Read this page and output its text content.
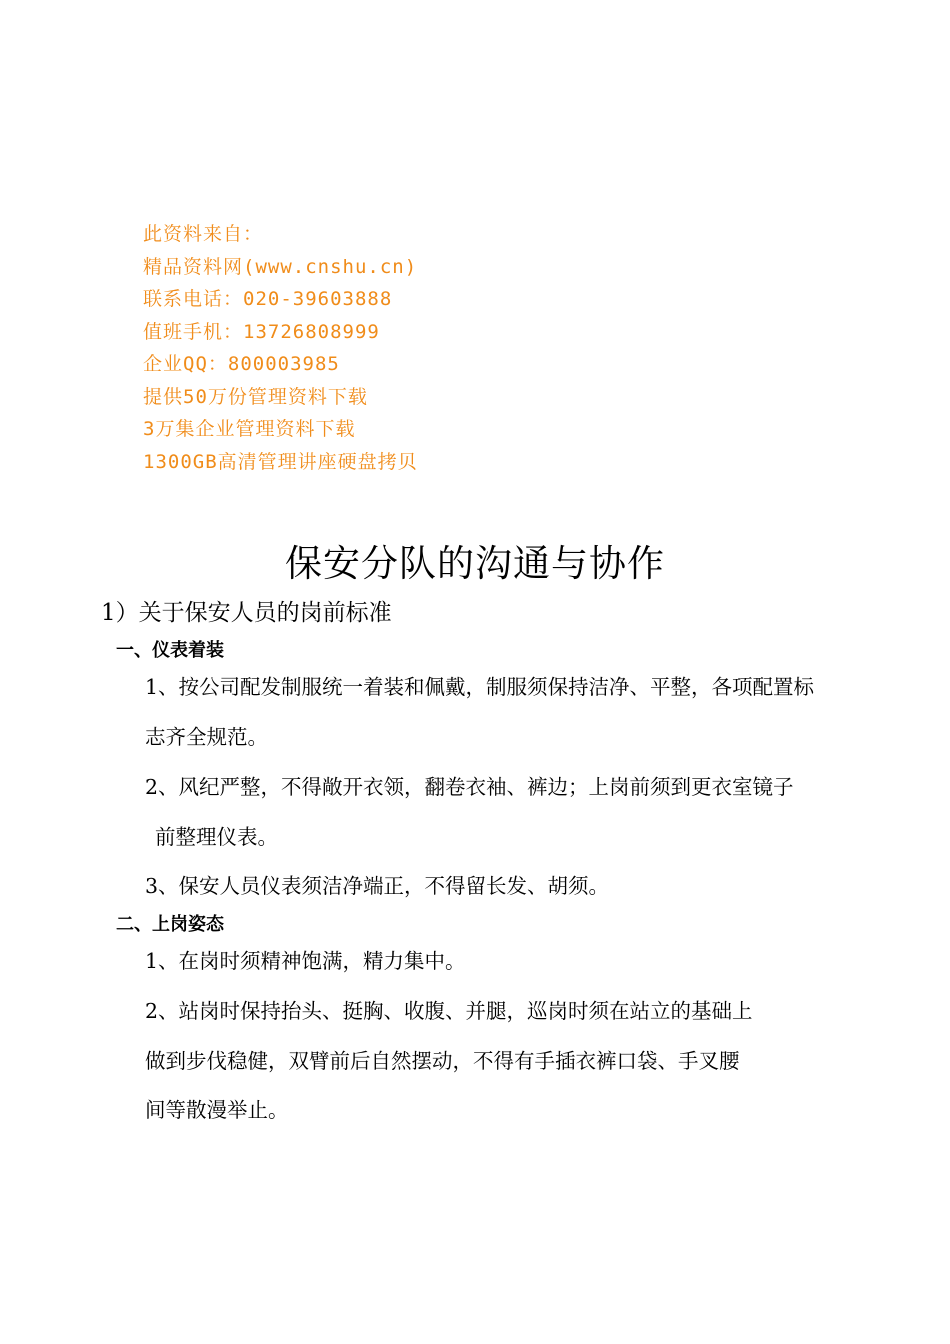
此资料来自：
精品资料网(www.cnshu.cn)
联系电话：020-39603888
值班手机：13726808999
企业QQ：800003985
提供50万份管理资料下载
3万集企业管理资料下载
1300GB高清管理讲座硬盘拷贝
保安分队的沟通与协作
1）关于保安人员的岗前标准
一、仪表着装
1、按公司配发制服统一着装和佩戴，制服须保持洁净、平整，各项配置标
志齐全规范。
2、风纪严整，不得敞开衣领，翻卷衣袖、裤边；上岗前须到更衣室镜子
前整理仪表。
3、保安人员仪表须洁净端正，不得留长发、胡须。
二、上岗姿态
1、在岗时须精神饱满，精力集中。
2、站岗时保持抬头、挺胸、收腹、并腿，巡岗时须在站立的基础上
做到步伐稳健，双臂前后自然摆动，不得有手插衣裤口袋、手叉腰
间等散漫举止。
